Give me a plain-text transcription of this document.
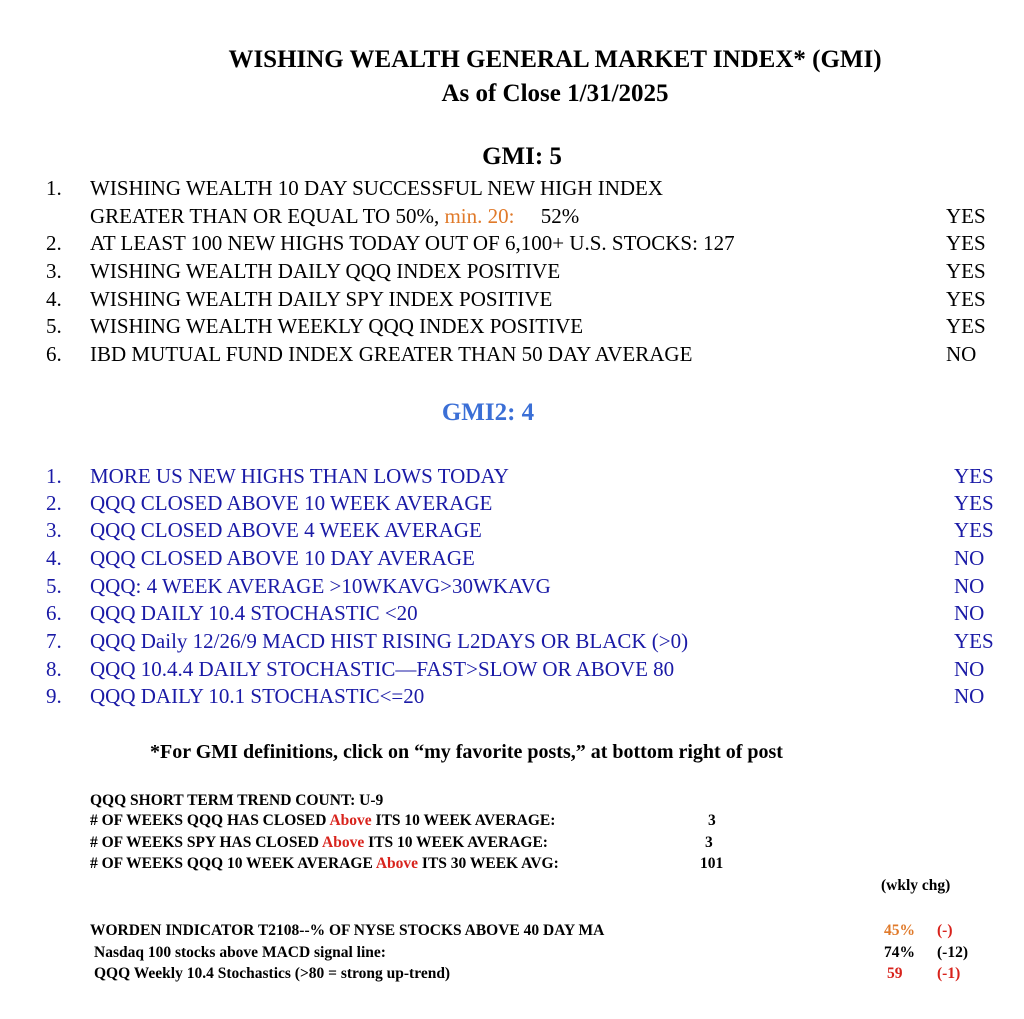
WISHING WEALTH GENERAL MARKET INDEX* (GMI)
As of Close 1/31/2025
GMI: 5
1. WISHING WEALTH 10 DAY SUCCESSFUL NEW HIGH INDEX
GREATER THAN OR EQUAL TO 50%, min. 20: 52%	YES
2. AT LEAST 100 NEW HIGHS TODAY OUT OF 6,100+ U.S. STOCKS: 127	YES
3. WISHING WEALTH DAILY QQQ INDEX POSITIVE	YES
4. WISHING WEALTH DAILY SPY INDEX POSITIVE	YES
5. WISHING WEALTH WEEKLY QQQ INDEX POSITIVE	YES
6. IBD MUTUAL FUND INDEX GREATER THAN 50 DAY AVERAGE	NO
GMI2: 4
1. MORE US NEW HIGHS THAN LOWS TODAY	YES
2. QQQ CLOSED ABOVE 10 WEEK AVERAGE	YES
3. QQQ CLOSED ABOVE 4 WEEK AVERAGE	YES
4. QQQ CLOSED ABOVE 10 DAY AVERAGE	NO
5. QQQ: 4 WEEK AVERAGE >10WKAVG>30WKAVG	NO
6. QQQ DAILY 10.4 STOCHASTIC <20	NO
7. QQQ Daily 12/26/9 MACD HIST RISING L2DAYS OR BLACK (>0)	YES
8. QQQ 10.4.4 DAILY STOCHASTIC—FAST>SLOW OR ABOVE 80	NO
9. QQQ DAILY 10.1 STOCHASTIC<=20	NO
*For GMI definitions, click on “my favorite posts,” at bottom right of post
QQQ SHORT TERM TREND COUNT: U-9
# OF WEEKS QQQ HAS CLOSED Above ITS 10 WEEK AVERAGE:	3
# OF WEEKS SPY HAS CLOSED Above ITS 10 WEEK AVERAGE:	3
# OF WEEKS QQQ 10 WEEK AVERAGE Above ITS 30 WEEK AVG:	101
(wkly chg)
WORDEN INDICATOR T2108--% OF NYSE STOCKS ABOVE 40 DAY MA	45% (-)
Nasdaq 100 stocks above MACD signal line:	74% (-12)
QQQ Weekly 10.4 Stochastics (>80 = strong up-trend)	59 (-1)
